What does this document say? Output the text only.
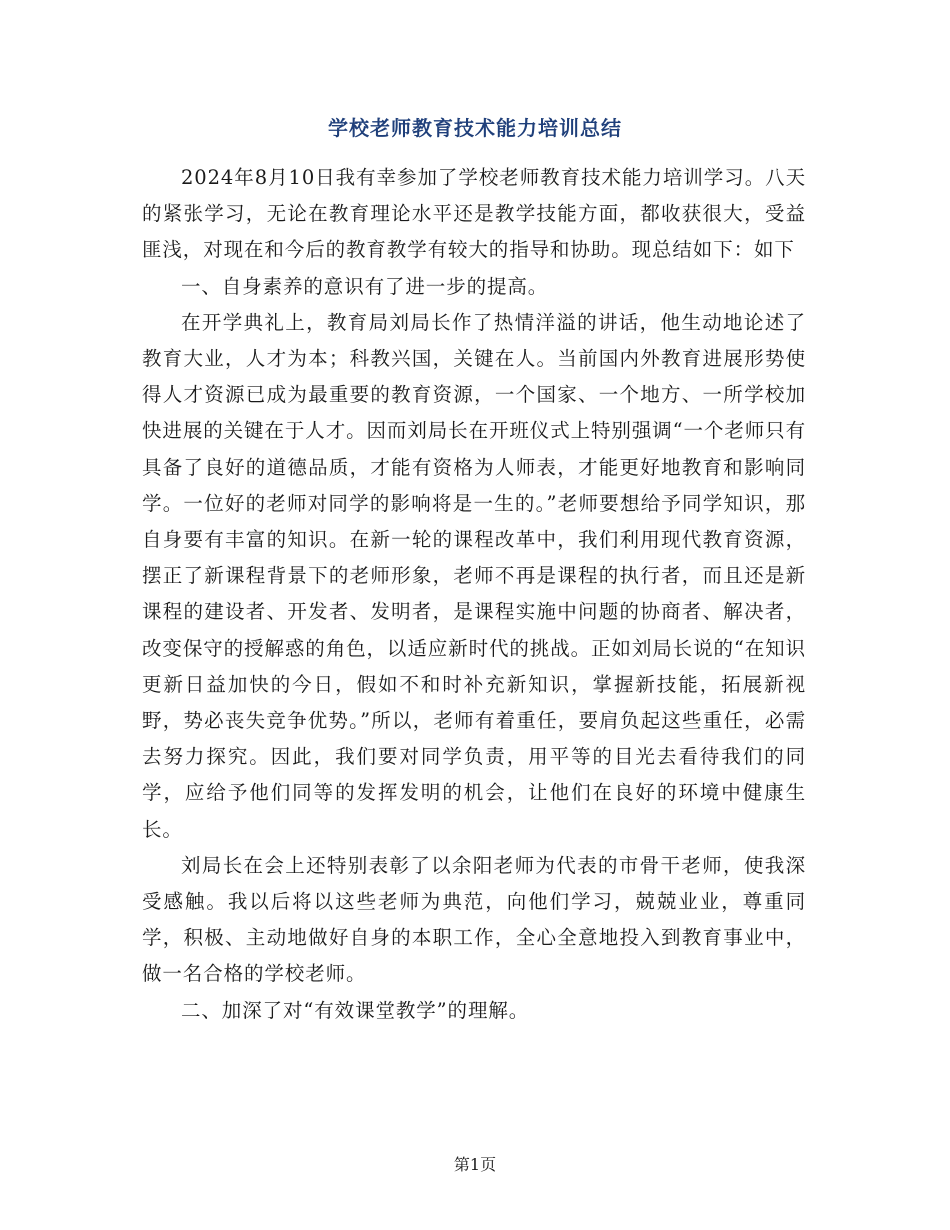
学校老师教育技术能力培训总结

2024年8月10日我有幸参加了学校老师教育技术能力培训学习。八天的紧张学习，无论在教育理论水平还是教学技能方面，都收获很大，受益匪浅，对现在和今后的教育教学有较大的指导和协助。现总结如下：如下

一、自身素养的意识有了进一步的提高。

在开学典礼上，教育局刘局长作了热情洋溢的讲话，他生动地论述了教育大业，人才为本；科教兴国，关键在人。当前国内外教育进展形势使得人才资源已成为最重要的教育资源，一个国家、一个地方、一所学校加快进展的关键在于人才。因而刘局长在开班仪式上特别强调“一个老师只有具备了良好的道德品质，才能有资格为人师表，才能更好地教育和影响同学。一位好的老师对同学的影响将是一生的。”老师要想给予同学知识，那自身要有丰富的知识。在新一轮的课程改革中，我们利用现代教育资源，摆正了新课程背景下的老师形象，老师不再是课程的执行者，而且还是新课程的建设者、开发者、发明者，是课程实施中问题的协商者、解决者，改变保守的授解惑的角色，以适应新时代的挑战。正如刘局长说的“在知识更新日益加快的今日，假如不和时补充新知识，掌握新技能，拓展新视野，势必丧失竞争优势。”所以，老师有着重任，要肩负起这些重任，必需去努力探究。因此，我们要对同学负责，用平等的目光去看待我们的同学，应给予他们同等的发挥发明的机会，让他们在良好的环境中健康生长。

刘局长在会上还特别表彰了以余阳老师为代表的市骨干老师，使我深受感触。我以后将以这些老师为典范，向他们学习，兢兢业业，尊重同学，积极、主动地做好自身的本职工作，全心全意地投入到教育事业中，做一名合格的学校老师。

二、加深了对“有效课堂教学”的理解。

第1页
